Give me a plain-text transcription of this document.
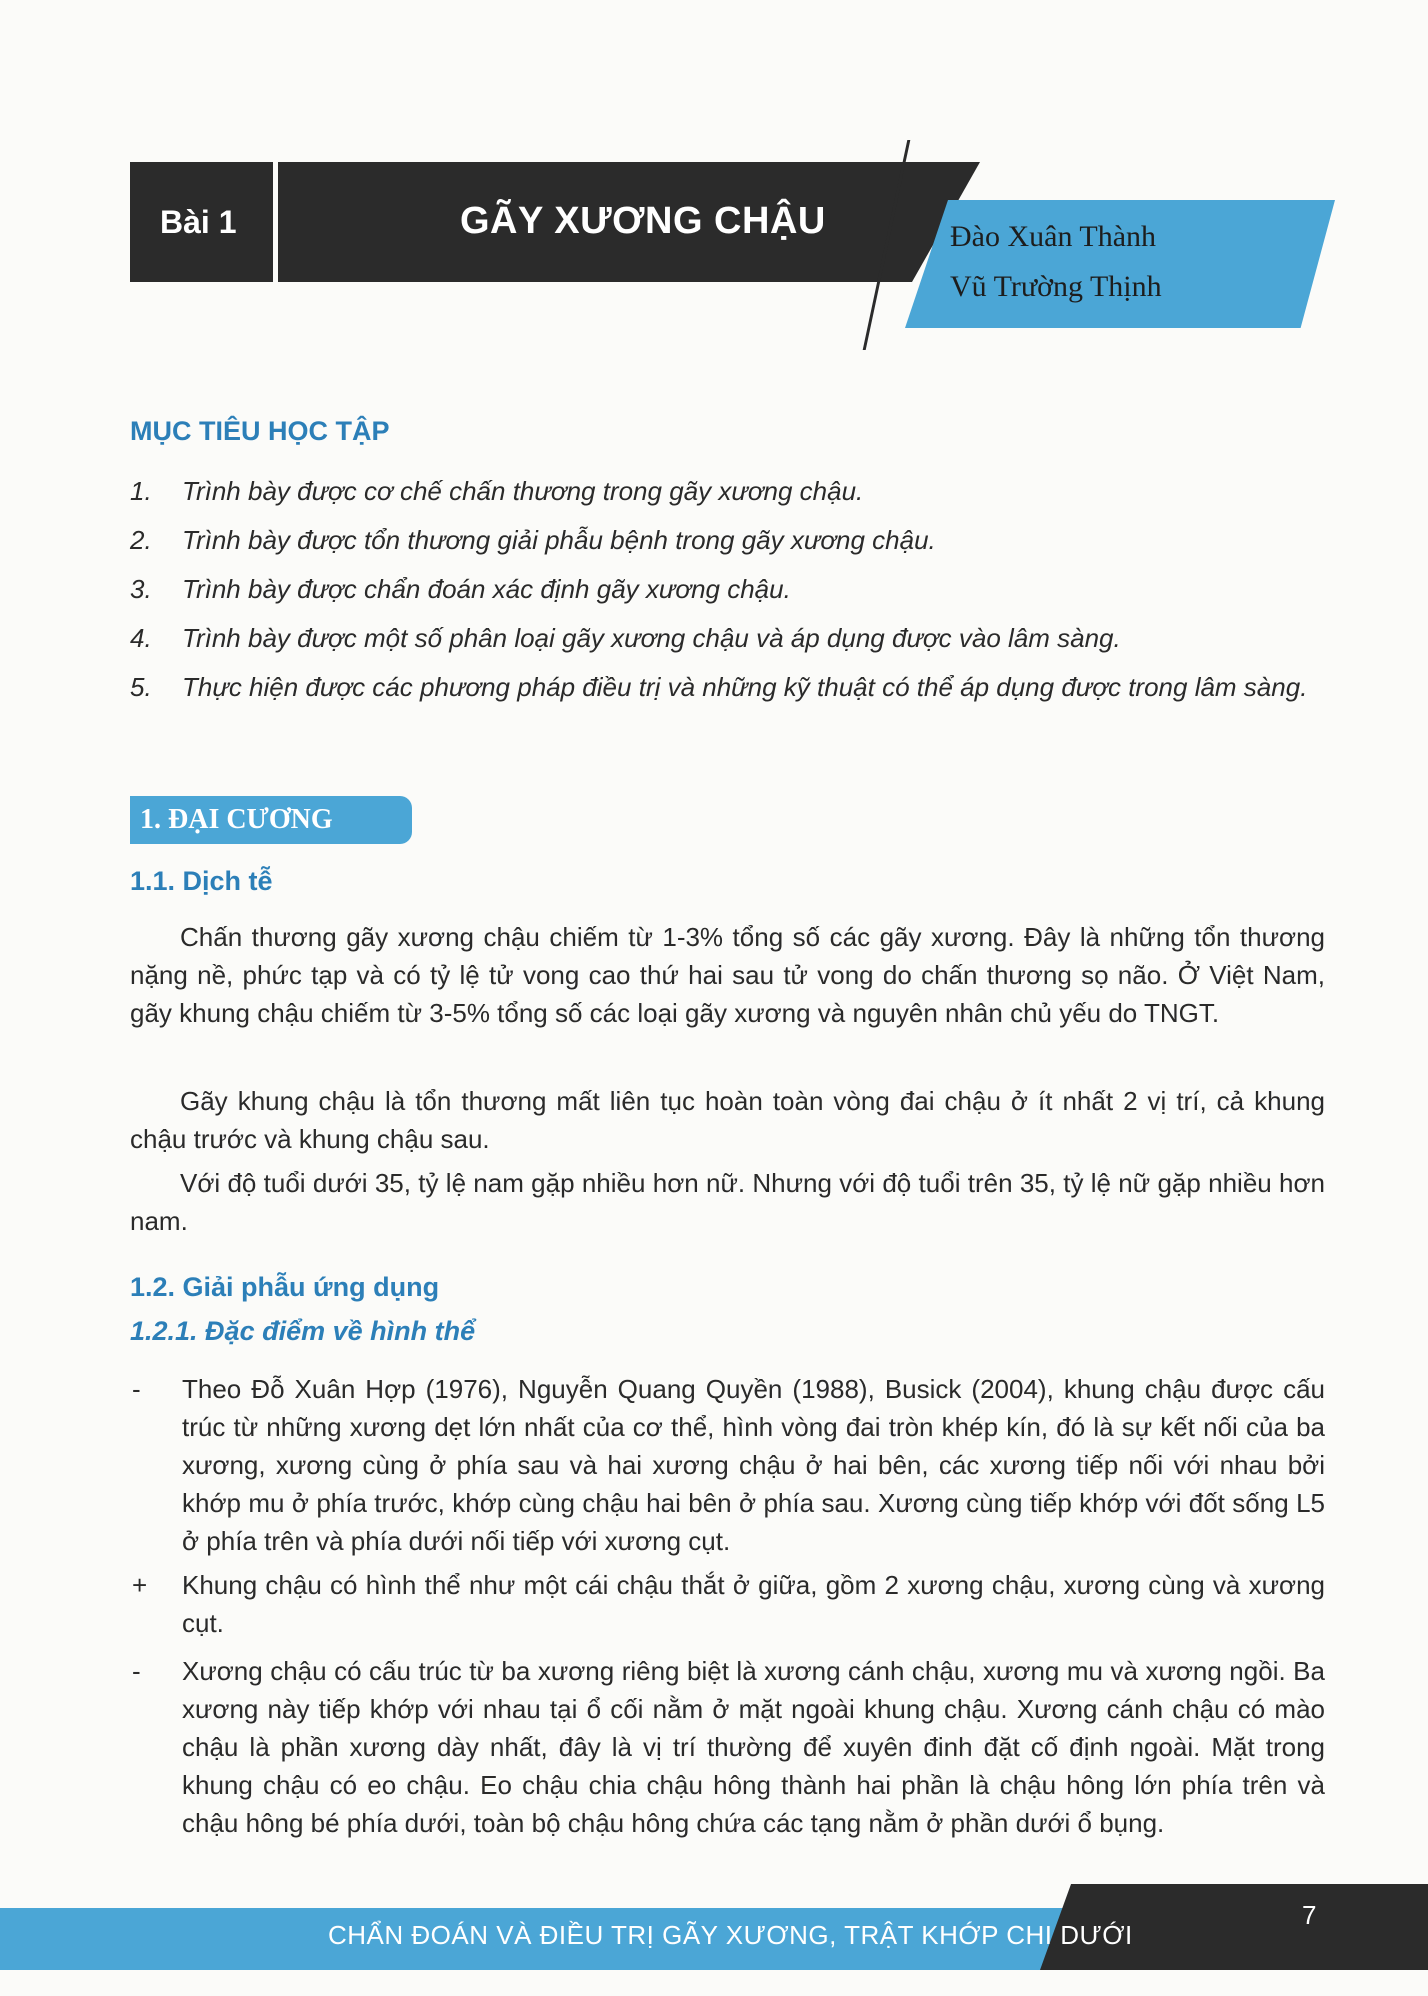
Bài 1	GÃY XƯƠNG CHẬU	Đào Xuân Thành
Vũ Trường Thịnh
MỤC TIÊU HỌC TẬP
1. Trình bày được cơ chế chấn thương trong gãy xương chậu.
2. Trình bày được tổn thương giải phẫu bệnh trong gãy xương chậu.
3. Trình bày được chẩn đoán xác định gãy xương chậu.
4. Trình bày được một số phân loại gãy xương chậu và áp dụng được vào lâm sàng.
5. Thực hiện được các phương pháp điều trị và những kỹ thuật có thể áp dụng được trong lâm sàng.
1. ĐẠI CƯƠNG
1.1. Dịch tễ

Chấn thương gãy xương chậu chiếm từ 1-3% tổng số các gãy xương. Đây là những tổn thương nặng nề, phức tạp và có tỷ lệ tử vong cao thứ hai sau tử vong do chấn thương sọ não. Ở Việt Nam, gãy khung chậu chiếm từ 3-5% tổng số các loại gãy xương và nguyên nhân chủ yếu do TNGT.

Gãy khung chậu là tổn thương mất liên tục hoàn toàn vòng đai chậu ở ít nhất 2 vị trí, cả khung chậu trước và khung chậu sau.

Với độ tuổi dưới 35, tỷ lệ nam gặp nhiều hơn nữ. Nhưng với độ tuổi trên 35, tỷ lệ nữ gặp nhiều hơn nam.

1.2. Giải phẫu ứng dụng
1.2.1. Đặc điểm về hình thể
- Theo Đỗ Xuân Hợp (1976), Nguyễn Quang Quyền (1988), Busick (2004), khung chậu được cấu trúc từ những xương dẹt lớn nhất của cơ thể, hình vòng đai tròn khép kín, đó là sự kết nối của ba xương, xương cùng ở phía sau và hai xương chậu ở hai bên, các xương tiếp nối với nhau bởi khớp mu ở phía trước, khớp cùng chậu hai bên ở phía sau. Xương cùng tiếp khớp với đốt sống L5 ở phía trên và phía dưới nối tiếp với xương cụt.
+ Khung chậu có hình thể như một cái chậu thắt ở giữa, gồm 2 xương chậu, xương cùng và xương cụt.
- Xương chậu có cấu trúc từ ba xương riêng biệt là xương cánh chậu, xương mu và xương ngồi. Ba xương này tiếp khớp với nhau tại ổ cối nằm ở mặt ngoài khung chậu. Xương cánh chậu có mào chậu là phần xương dày nhất, đây là vị trí thường để xuyên đinh đặt cố định ngoài. Mặt trong khung chậu có eo chậu. Eo chậu chia chậu hông thành hai phần là chậu hông lớn phía trên và chậu hông bé phía dưới, toàn bộ chậu hông chứa các tạng nằm ở phần dưới ổ bụng.
CHẨN ĐOÁN VÀ ĐIỀU TRỊ GÃY XƯƠNG, TRẬT KHỚP CHI DƯỚI
7
